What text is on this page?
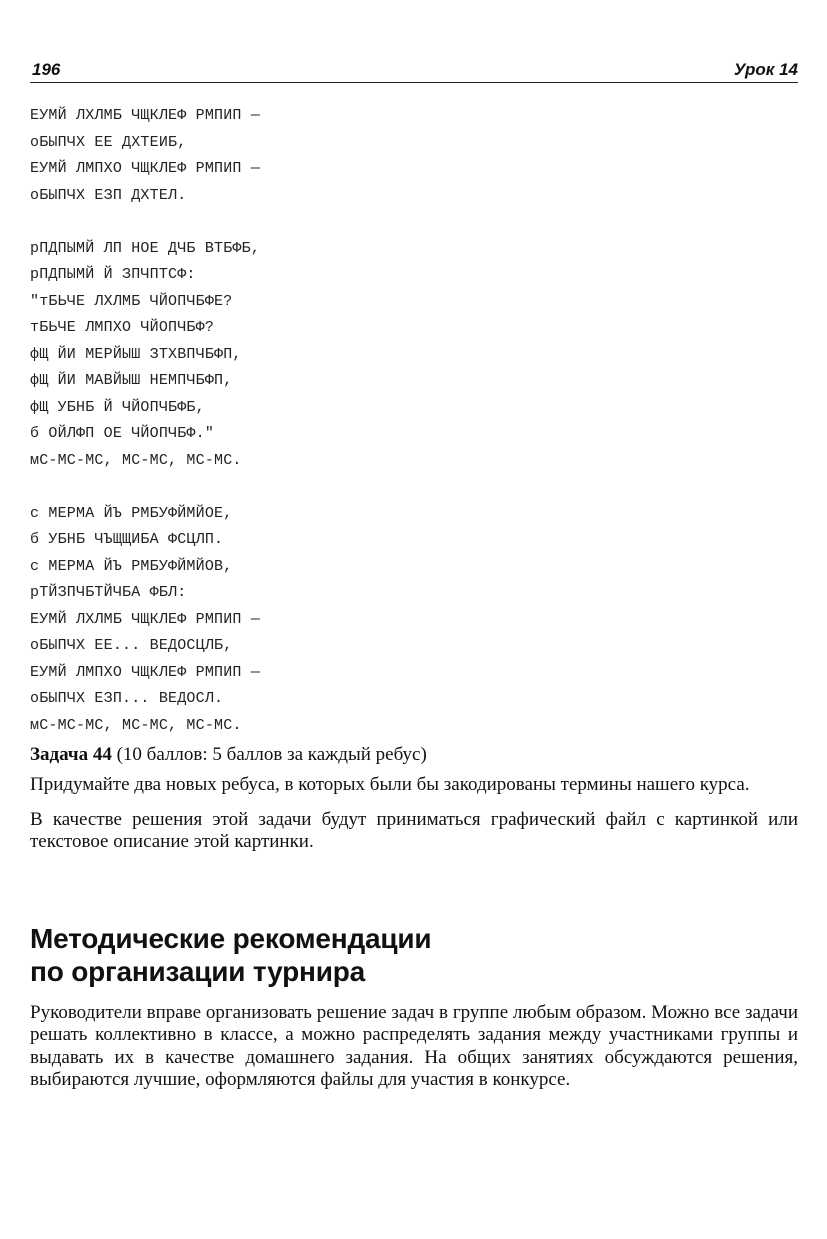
196	Урок 14
ЕУМЙ ЛХЛМБ ЧЩКЛЕФ РМПИП —
оБЫПЧХ ЕЕ ДХТЕИБ,
ЕУМЙ ЛМПХО ЧЩКЛЕФ РМПИП —
оБЫПЧХ ЕЗП ДХТЕЛ.
рПДПЫМЙ ЛП НОЕ ДЧБ ВТБФБ,
рПДПЫМЙ Й ЗПЧПТСФ:
"тБЬЧЕ ЛХЛМБ ЧЙОПЧБФЕ?
тБЬЧЕ ЛМПХО ЧЙОПЧБФ?
фЩ ЙИ МЕРЙЫШ ЗТХВПЧБФП,
фЩ ЙИ МАВЙЫШ НЕМПЧБФП,
фЩ УБНБ Й ЧЙОПЧБФБ,
б ОЙЛФП ОЕ ЧЙОПЧБФ."
мС-МС-МС, МС-МС, МС-МС.
с МЕРМА ЙЪ РМБУФЙМЙОЕ,
б УБНБ ЧЪЩЩИБА ФСЦЛП.
с МЕРМА ЙЪ РМБУФЙМЙОВ,
рТЙЗПЧБТЙЧБА ФБЛ:
ЕУМЙ ЛХЛМБ ЧЩКЛЕФ РМПИП —
оБЫПЧХ ЕЕ... ВЕДОСЦЛБ,
ЕУМЙ ЛМПХО ЧЩКЛЕФ РМПИП —
оБЫПЧХ ЕЗП... ВЕДОСЛ.
мС-МС-МС, МС-МС, МС-МС.
Задача 44 (10 баллов: 5 баллов за каждый ребус)

Придумайте два новых ребуса, в которых были бы закодированы термины нашего курса.

В качестве решения этой задачи будут приниматься графический файл с картинкой или текстовое описание этой картинки.

Методические рекомендации
по организации турнира

Руководители вправе организовать решение задач в группе любым образом. Можно все задачи решать коллективно в классе, а можно распределять задания между участниками группы и выдавать их в качестве домашнего задания. На общих занятиях обсуждаются решения, выбираются лучшие, оформляются файлы для участия в конкурсе.
